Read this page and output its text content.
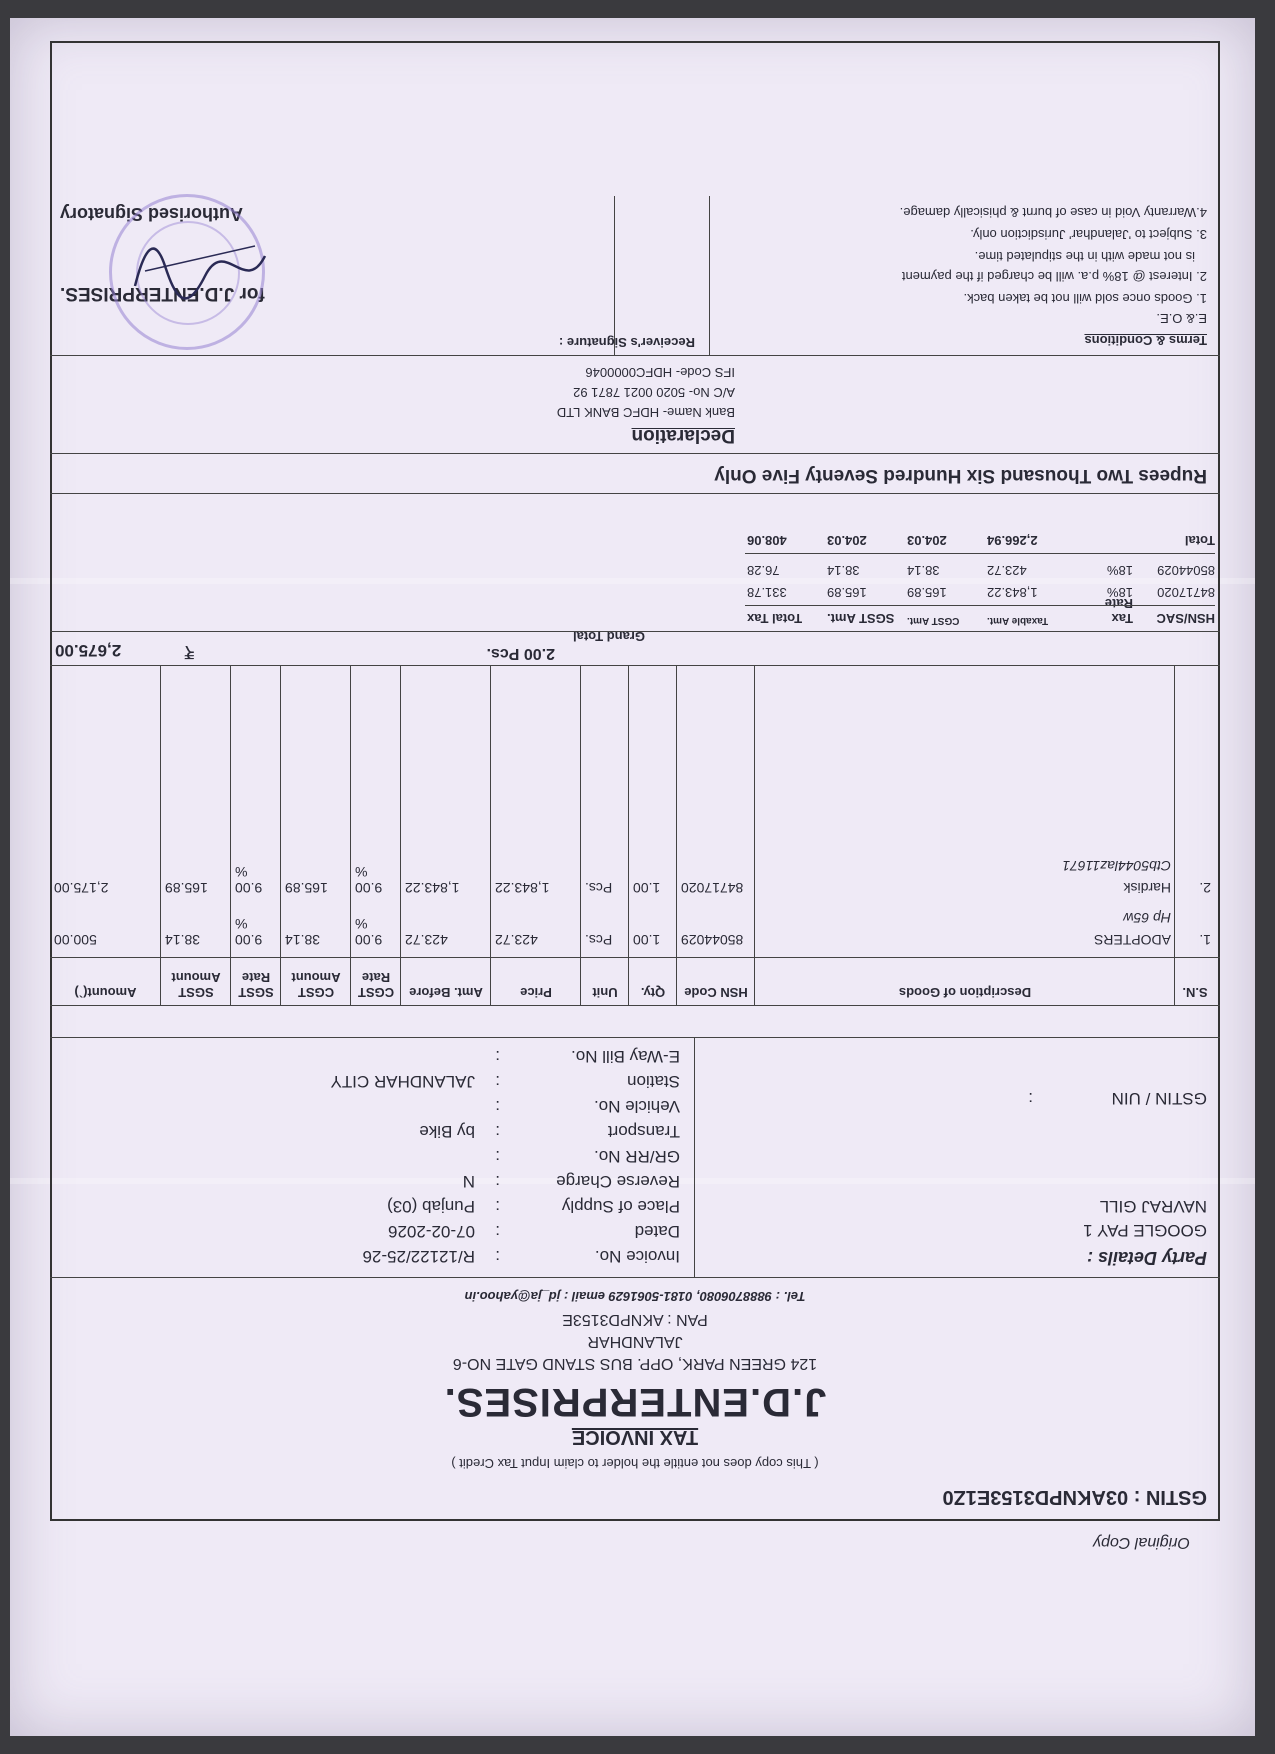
Original Copy
GSTIN : 03AKNPD3153E1Z0
( This copy does not entitle the holder to claim Input Tax Credit )
TAX INVOICE
J.D.ENTERPRISES.
124 GREEN PARK, OPP. BUS STAND GATE NO-6
JALANDHAR
PAN : AKNPD3153E
Tel. : 9888706080, 0181-5061629 email : jd_ja@yahoo.in
Party Details :
GOOGLE PAY 1
NAVRAJ GILL
GSTIN / UIN
:
Invoice No.
:
R/12122/25-26
Dated
:
07-02-2026
Place of Supply
:
Punjab (03)
Reverse Charge
:
N
GR/RR No.
:
Transport
:
by Bike
Vehicle No.
:
Station
:
JALANDHAR CITY
E-Way Bill No.
:
S.N.
Description of Goods
HSN Code
Qty.
Unit
Price
Amt. Before
CGST Rate
CGST Amount
SGST Rate
SGST Amount
Amount(`)
1.
ADOPTERS
85044029
1.00
Pcs.
423.72
423.72
9.00 %
38.14
9.00 %
38.14
500.00
Hp 65w
2.
Hardisk
84717020
1.00
Pcs.
1,843.22
1,843.22
9.00 %
165.89
9.00 %
165.89
2,175.00
Ctb5044laz11671
Grand Total
2.00 Pcs.
₹
2,675.00
HSN/SAC
Tax Rate
Taxable Amt.
CGST Amt.
SGST Amt.
Total Tax
84717020
18%
1,843.22
165.89
165.89
331.78
85044029
18%
423.72
38.14
38.14
76.28
Total
2,266.94
204.03
204.03
408.06
Rupees Two Thousand Six Hundred Seventy Five Only
Declaration
Bank Name- HDFC BANK LTD
A/C No- 5020 0021 7871 92
IFS Code- HDFC0000046
Terms & Conditions
E.& O.E.
1. Goods once sold will not be taken back.
2. Interest @ 18% p.a. will be charged if the payment
is not made with in the stipulated time.
3. Subject to 'Jalandhar' Jurisdiction only.
4.Warranty Void in case of burnt & phisically damage.
Receiver's Signature :
for J.D.ENTERPRISES.
Authorised Signatory
